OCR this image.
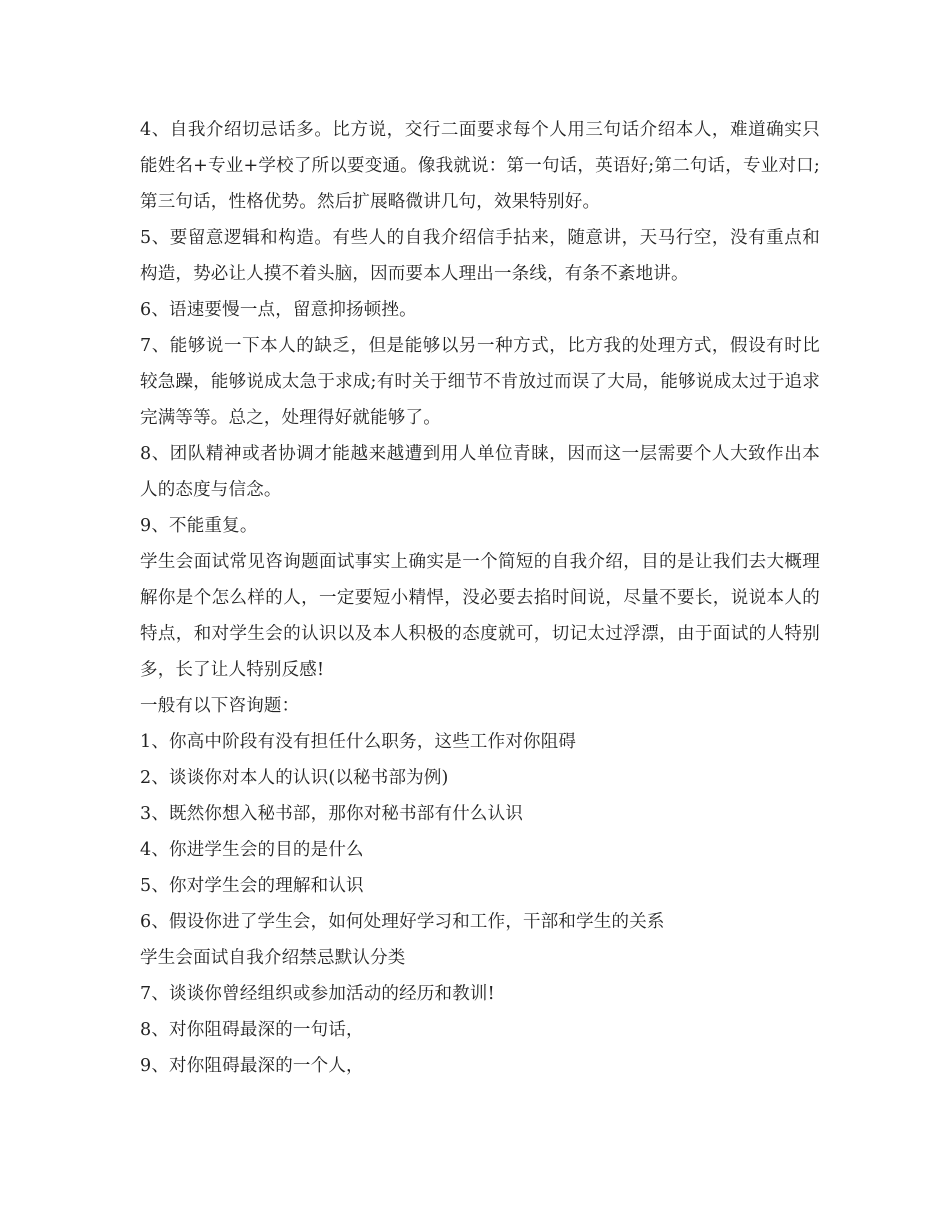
4、自我介绍切忌话多。比方说，交行二面要求每个人用三句话介绍本人，难道确实只能姓名+专业+学校了所以要变通。像我就说：第一句话，英语好;第二句话，专业对口;第三句话，性格优势。然后扩展略微讲几句，效果特别好。

5、要留意逻辑和构造。有些人的自我介绍信手拈来，随意讲，天马行空，没有重点和构造，势必让人摸不着头脑，因而要本人理出一条线，有条不紊地讲。

6、语速要慢一点，留意抑扬顿挫。

7、能够说一下本人的缺乏，但是能够以另一种方式，比方我的处理方式，假设有时比较急躁，能够说成太急于求成;有时关于细节不肯放过而误了大局，能够说成太过于追求完满等等。总之，处理得好就能够了。

8、团队精神或者协调才能越来越遭到用人单位青睐，因而这一层需要个人大致作出本人的态度与信念。

9、不能重复。

学生会面试常见咨询题面试事实上确实是一个简短的自我介绍，目的是让我们去大概理解你是个怎么样的人，一定要短小精悍，没必要去掐时间说，尽量不要长，说说本人的特点，和对学生会的认识以及本人积极的态度就可，切记太过浮漂，由于面试的人特别多，长了让人特别反感!

一般有以下咨询题：

1、你高中阶段有没有担任什么职务，这些工作对你阻碍

2、谈谈你对本人的认识(以秘书部为例)

3、既然你想入秘书部，那你对秘书部有什么认识

4、你进学生会的目的是什么

5、你对学生会的理解和认识

6、假设你进了学生会，如何处理好学习和工作，干部和学生的关系

学生会面试自我介绍禁忌默认分类

7、谈谈你曾经组织或参加活动的经历和教训!

8、对你阻碍最深的一句话，

9、对你阻碍最深的一个人，
